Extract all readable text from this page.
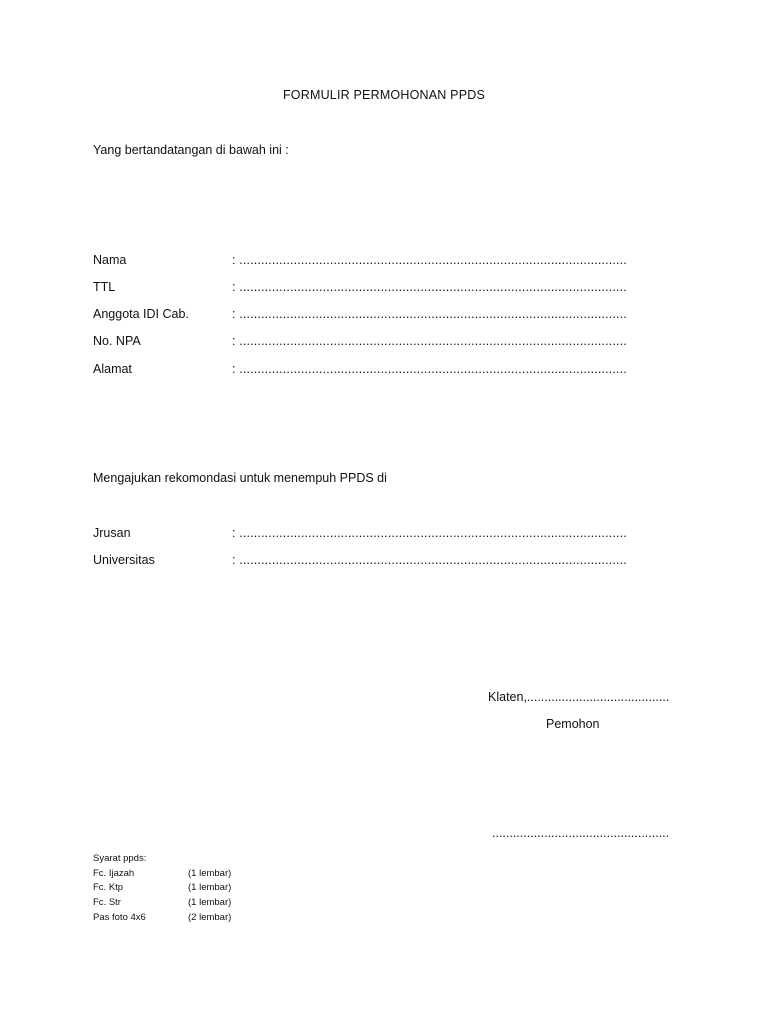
FORMULIR PERMOHONAN PPDS
Yang bertandatangan di bawah ini :
Nama	: ...........................................................................................................
TTL	: ...........................................................................................................
Anggota IDI Cab.	: ...........................................................................................................
No. NPA	: ...........................................................................................................
Alamat	: ...........................................................................................................
Mengajukan rekomondasi untuk menempuh PPDS di
Jrusan	: ...........................................................................................................
Universitas	: ...........................................................................................................
Klaten,.........................................
Pemohon
...................................................
Syarat ppds:
Fc. Ijazah	(1 lembar)
Fc. Ktp	(1 lembar)
Fc. Str	(1 lembar)
Pas foto 4x6	(2 lembar)
